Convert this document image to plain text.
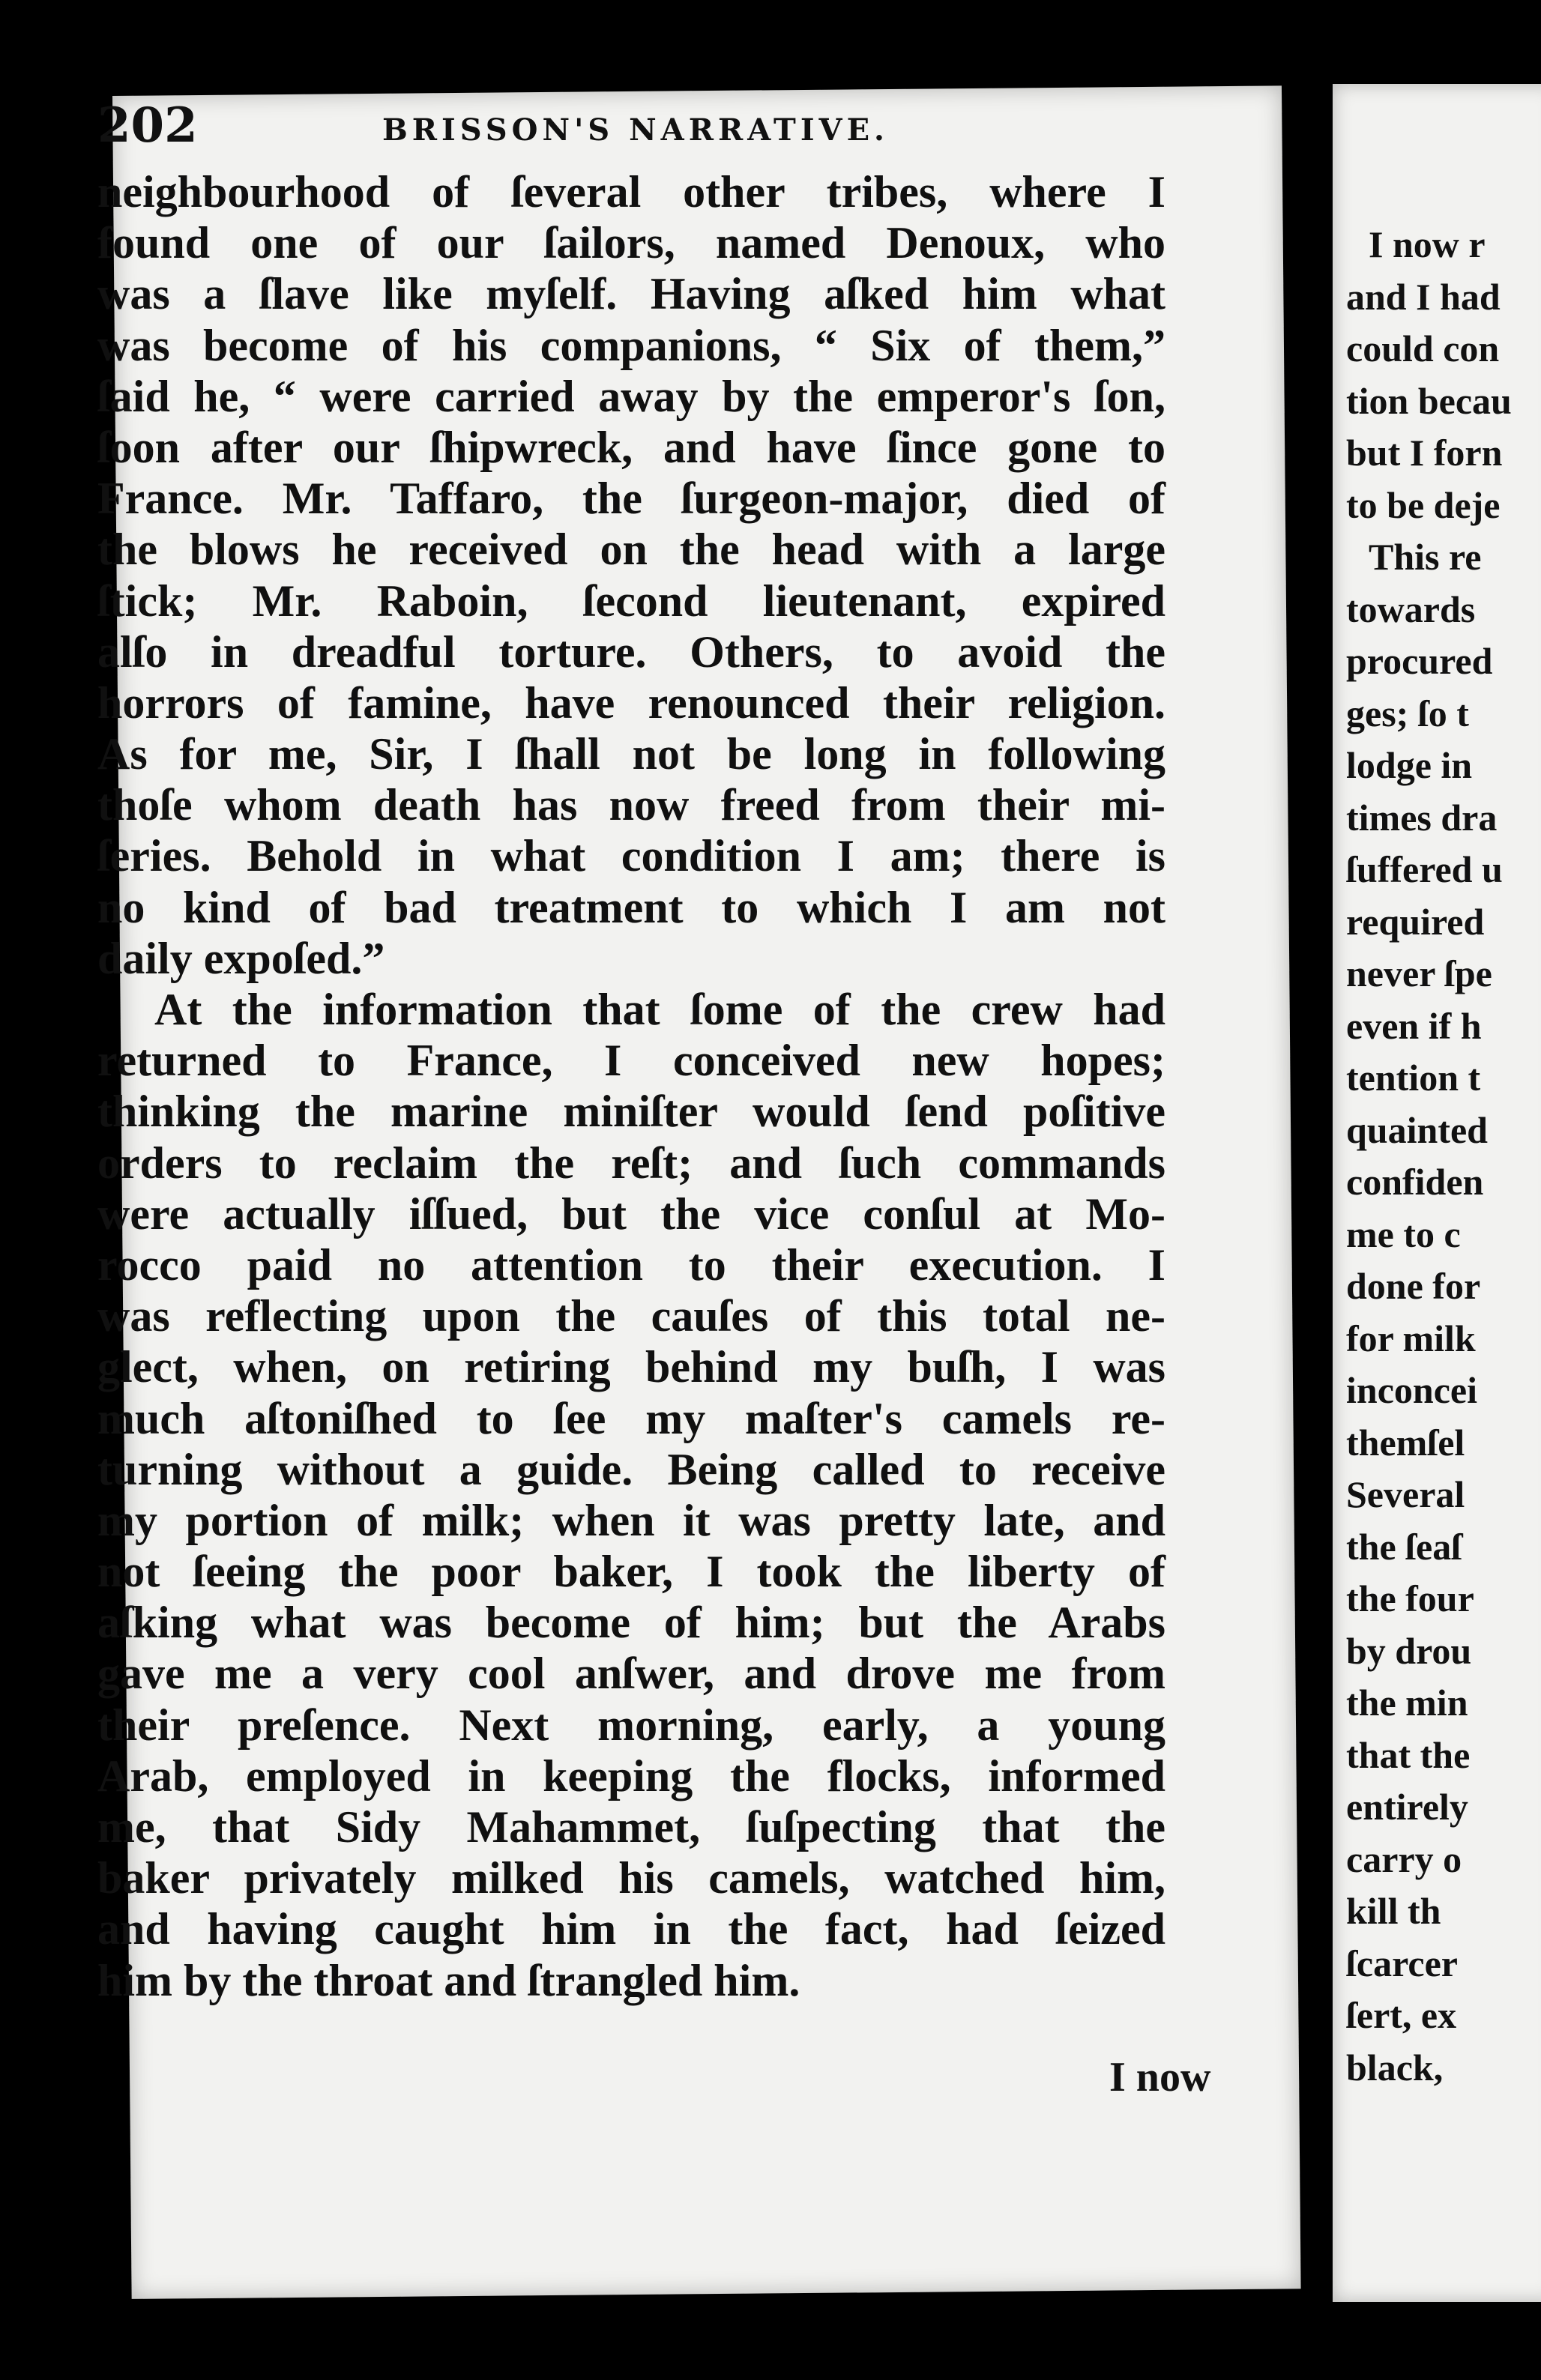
I now r
and I had
could con
tion becau
but I forn
to be deje
This re
towards
procured
ges; ſo t
lodge in
times dra
ſuffered u
required
never ſpe
even if h
tention t
quainted
confiden
me to c
done for
for milk
inconcei
themſel
Several
the ſeaſ
the four
by drou
the min
that the
entirely
carry o
kill th
ſcarcer
ſert, ex
black,
202	BRISSON'S NARRATIVE.
neighbourhood of ſeveral other tribes, where I
found one of our ſailors, named Denoux, who
was a ſlave like myſelf. Having aſked him what
was become of his companions, “ Six of them,”
ſaid he, “ were carried away by the emperor's ſon,
ſoon after our ſhipwreck, and have ſince gone to
France. Mr. Taffaro, the ſurgeon-major, died of
the blows he received on the head with a large
ſtick; Mr. Raboin, ſecond lieutenant, expired
alſo in dreadful torture. Others, to avoid the
horrors of famine, have renounced their religion.
As for me, Sir, I ſhall not be long in following
thoſe whom death has now freed from their mi-
ſeries. Behold in what condition I am; there is
no kind of bad treatment to which I am not
daily expoſed.”
At the information that ſome of the crew had
returned to France, I conceived new hopes;
thinking the marine miniſter would ſend poſitive
orders to reclaim the reſt; and ſuch commands
were actually iſſued, but the vice conſul at Mo-
rocco paid no attention to their execution. I
was reflecting upon the cauſes of this total ne-
glect, when, on retiring behind my buſh, I was
much aſtoniſhed to ſee my maſter's camels re-
turning without a guide. Being called to receive
my portion of milk; when it was pretty late, and
not ſeeing the poor baker, I took the liberty of
aſking what was become of him; but the Arabs
gave me a very cool anſwer, and drove me from
their preſence. Next morning, early, a young
Arab, employed in keeping the flocks, informed
me, that Sidy Mahammet, ſuſpecting that the
baker privately milked his camels, watched him,
and having caught him in the fact, had ſeized
him by the throat and ſtrangled him.
I now
